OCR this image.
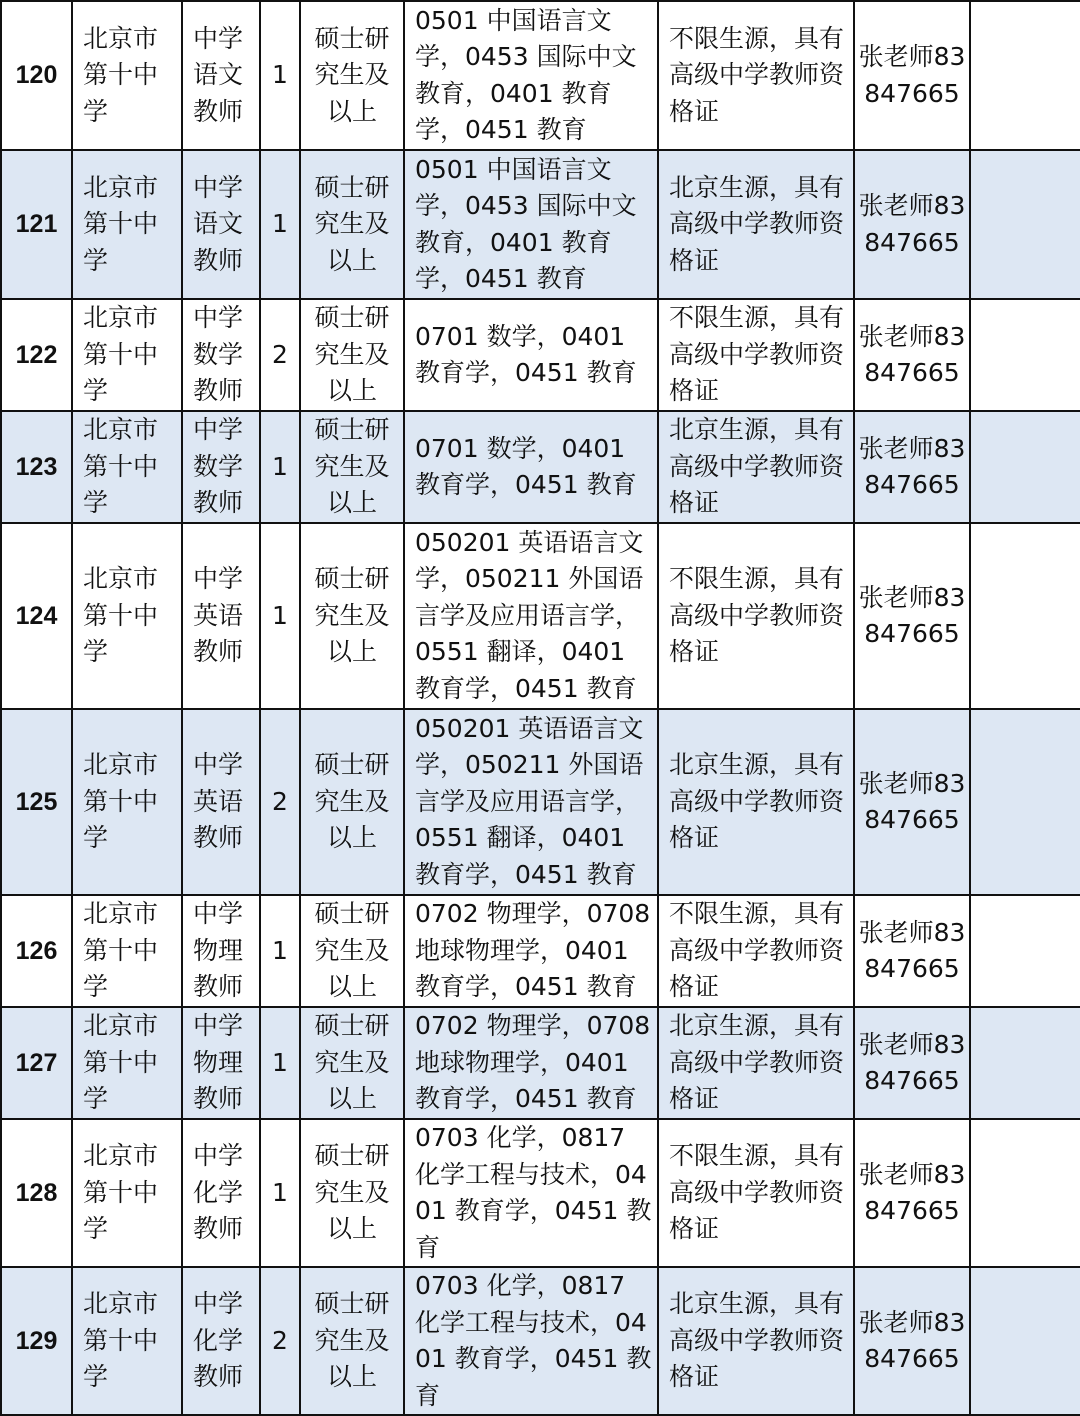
120	北京市第十中学	中学语文教师	1	硕士研究生及以上	0501 中国语言文学，0453 国际中文教育，0401 教育学，0451 教育	不限生源，具有高级中学教师资格证	张老师83847665	
121	北京市第十中学	中学语文教师	1	硕士研究生及以上	0501 中国语言文学，0453 国际中文教育，0401 教育学，0451 教育	北京生源，具有高级中学教师资格证	张老师83847665	
122	北京市第十中学	中学数学教师	2	硕士研究生及以上	0701 数学，0401 教育学，0451 教育	不限生源，具有高级中学教师资格证	张老师83847665	
123	北京市第十中学	中学数学教师	1	硕士研究生及以上	0701 数学，0401 教育学，0451 教育	北京生源，具有高级中学教师资格证	张老师83847665	
124	北京市第十中学	中学英语教师	1	硕士研究生及以上	050201 英语语言文学，050211 外国语言学及应用语言学，0551 翻译，0401 教育学，0451 教育	不限生源，具有高级中学教师资格证	张老师83847665	
125	北京市第十中学	中学英语教师	2	硕士研究生及以上	050201 英语语言文学，050211 外国语言学及应用语言学，0551 翻译，0401 教育学，0451 教育	北京生源，具有高级中学教师资格证	张老师83847665	
126	北京市第十中学	中学物理教师	1	硕士研究生及以上	0702 物理学，0708 地球物理学，0401 教育学，0451 教育	不限生源，具有高级中学教师资格证	张老师83847665	
127	北京市第十中学	中学物理教师	1	硕士研究生及以上	0702 物理学，0708 地球物理学，0401 教育学，0451 教育	北京生源，具有高级中学教师资格证	张老师83847665	
128	北京市第十中学	中学化学教师	1	硕士研究生及以上	0703 化学，0817 化学工程与技术，0401 教育学，0451 教育	不限生源，具有高级中学教师资格证	张老师83847665	
129	北京市第十中学	中学化学教师	2	硕士研究生及以上	0703 化学，0817 化学工程与技术，0401 教育学，0451 教育	北京生源，具有高级中学教师资格证	张老师83847665	
